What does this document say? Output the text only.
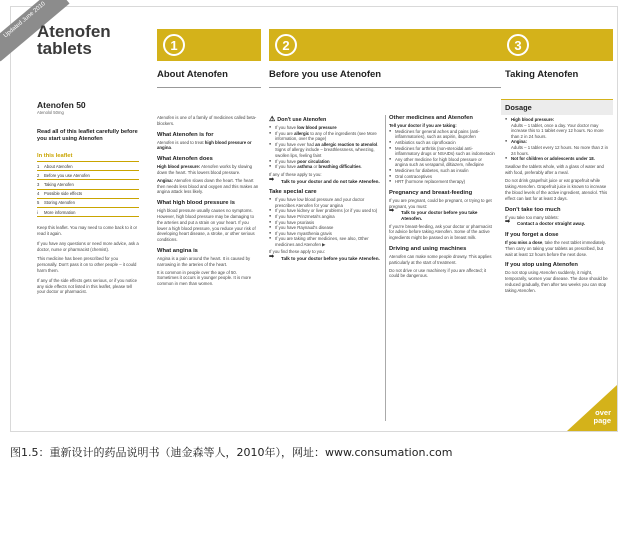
Updated June 2010
Atenofen
tablets
Atenofen 50
Atenolol 50mg
Read all of this leaflet carefully before you start using Atenofen
In this leaflet
1	About Atenofen
2	Before you use Atenofen
3	Taking Atenofen
4	Possible side effects
5	Storing Atenofen
i	More information

Keep this leaflet. You may need to come back to it or read it again.

If you have any questions or need more advice, ask a doctor, nurse or pharmacist (chemist).

This medicine has been prescribed for you personally. Don't pass it on to other people – it could harm them.

If any of the side effects gets serious, or if you notice any side effects not listed in this leaflet, please tell your doctor or pharmacist.

1	2	3
About Atenofen	Before you use Atenofen	Taking Atenofen

Atenofen is one of a family of medicines called beta-blockers.

What Atenofen is for

Atenofen is used to treat high blood pressure or angina.

What Atenofen does

High blood pressure: Atenofen works by slowing down the heart. This lowers blood pressure.

Angina: Atenofen slows down the heart. The heart then needs less blood and oxygen and this makes an angina attack less likely.

What high blood pressure is

High blood pressure usually causes no symptoms. However, high blood pressure may be damaging to the arteries and put a strain on your heart. If you lower a high blood pressure, you reduce your risk of developing heart disease, a stroke, or other serious conditions.

What angina is

Angina is a pain around the heart. It is caused by narrowing in the arteries of the heart.

It is common in people over the age of 50. Sometimes it occurs in younger people. It is more common in men than women.

⚠ Don't use Atenofen
● If you have low blood pressure
● If you are allergic to any of the ingredients (see More information, over the page)
● If you have ever had an allergic reaction to atenolol. Signs of allergy include – breathlessness, wheezing, swollen lips, feeling faint
● If you have poor circulation
● If you have asthma or breathing difficulties.

If any of these apply to you:

➡ Talk to your doctor and do not take Atenofen.
Take special care
● If you have low blood pressure and your doctor prescribes Atenofen for your angina
● If you have kidney or liver problems (or if you used to)
● If you have Prinzmetal's angina
● If you have psoriasis
● If you have Raynaud's disease
● If you have myasthenia gravis
● If you are taking other medicines, see also, Other medicines and Atenofen ▶

If you find these apply to you:

➡ Talk to your doctor before you take Atenofen.
Other medicines and Atenofen

Tell your doctor if you are taking:

● Medicines for general aches and pains (anti-inflammatories), such as aspirin, ibuprofen
● Antibiotics such as ciprofloxacin
● Medicines for arthritis (non-steroidal anti-inflammatory drugs or NSAIDs) such as indometacin
● Any other medicine for high blood pressure or angina such as verapamil, diltiazem, nifedipine
● Medicines for diabetes, such as insulin
● Oral contraceptives
● HRT (hormone replacement therapy)
Pregnancy and breast-feeding

If you are pregnant, could be pregnant, or trying to get pregnant, you must:

➡ Talk to your doctor before you take Atenofen.

If you're breast-feeding, ask your doctor or pharmacist for advice before taking Atenofen. Some of the active ingredients might be passed on in breast milk.

Driving and using machines

Atenofen can make some people drowsy. This applies particularly at the start of treatment.

Do not drive or use machinery if you are affected; it could be dangerous.

Dosage
● High blood pressure:
Adults – 1 tablet, once a day. Your doctor may increase this to 1 tablet every 12 hours. No more than 2 in 24 hours.
● Angina:
Adults – 1 tablet every 12 hours. No more than 2 in 24 hours.
● Not for children or adolescents under 18.

Swallow the tablets whole, with a glass of water and with food, preferably after a meal.

Do not drink grapefruit juice or eat grapefruit while taking Atenofen. Grapefruit juice is known to increase the blood levels of the active ingredient, atenolol. This effect can last for at least 3 days.

Don't take too much

If you take too many tablets:

➡ Contact a doctor straight away.
If you forget a dose

If you miss a dose, take the next tablet immediately. Then carry on taking your tablets as prescribed, but wait at least 12 hours before the next dose.

If you stop using Atenofen

Do not stop using Atenofen suddenly, it might, temporarily, worsen your disease. The dose should be reduced gradually, then after two weeks you can stop taking Atenofen.

over
page
图1.5：重新设计的药品说明书（迪金森等人，2010年），网址：www.consumation.com
